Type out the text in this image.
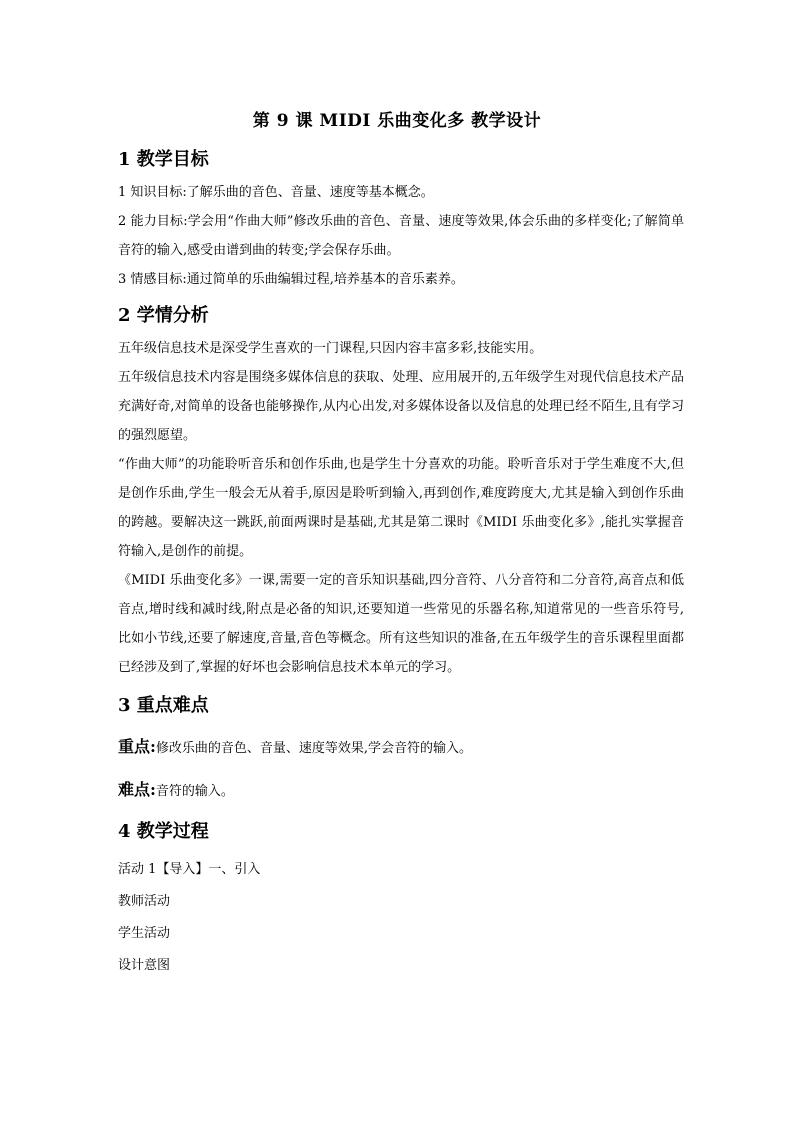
第 9 课 MIDI 乐曲变化多 教学设计
1 教学目标

1 知识目标:了解乐曲的音色、音量、速度等基本概念。

2 能力目标:学会用“作曲大师”修改乐曲的音色、音量、速度等效果,体会乐曲的多样变化;了解简单音符的输入,感受由谱到曲的转变;学会保存乐曲。

3 情感目标:通过简单的乐曲编辑过程,培养基本的音乐素养。

2 学情分析

五年级信息技术是深受学生喜欢的一门课程,只因内容丰富多彩,技能实用。

五年级信息技术内容是围绕多媒体信息的获取、处理、应用展开的,五年级学生对现代信息技术产品充满好奇,对简单的设备也能够操作,从内心出发,对多媒体设备以及信息的处理已经不陌生,且有学习的强烈愿望。

“作曲大师”的功能聆听音乐和创作乐曲,也是学生十分喜欢的功能。聆听音乐对于学生难度不大,但是创作乐曲,学生一般会无从着手,原因是聆听到输入,再到创作,难度跨度大,尤其是输入到创作乐曲的跨越。要解决这一跳跃,前面两课时是基础,尤其是第二课时《MIDI 乐曲变化多》,能扎实掌握音符输入,是创作的前提。

《MIDI 乐曲变化多》一课,需要一定的音乐知识基础,四分音符、八分音符和二分音符,高音点和低音点,增时线和减时线,附点是必备的知识,还要知道一些常见的乐器名称,知道常见的一些音乐符号,比如小节线,还要了解速度,音量,音色等概念。所有这些知识的准备,在五年级学生的音乐课程里面都已经涉及到了,掌握的好坏也会影响信息技术本单元的学习。

3 重点难点
重点:修改乐曲的音色、音量、速度等效果,学会音符的输入。
难点:音符的输入。
4 教学过程

活动 1【导入】一、引入

教师活动

学生活动

设计意图
